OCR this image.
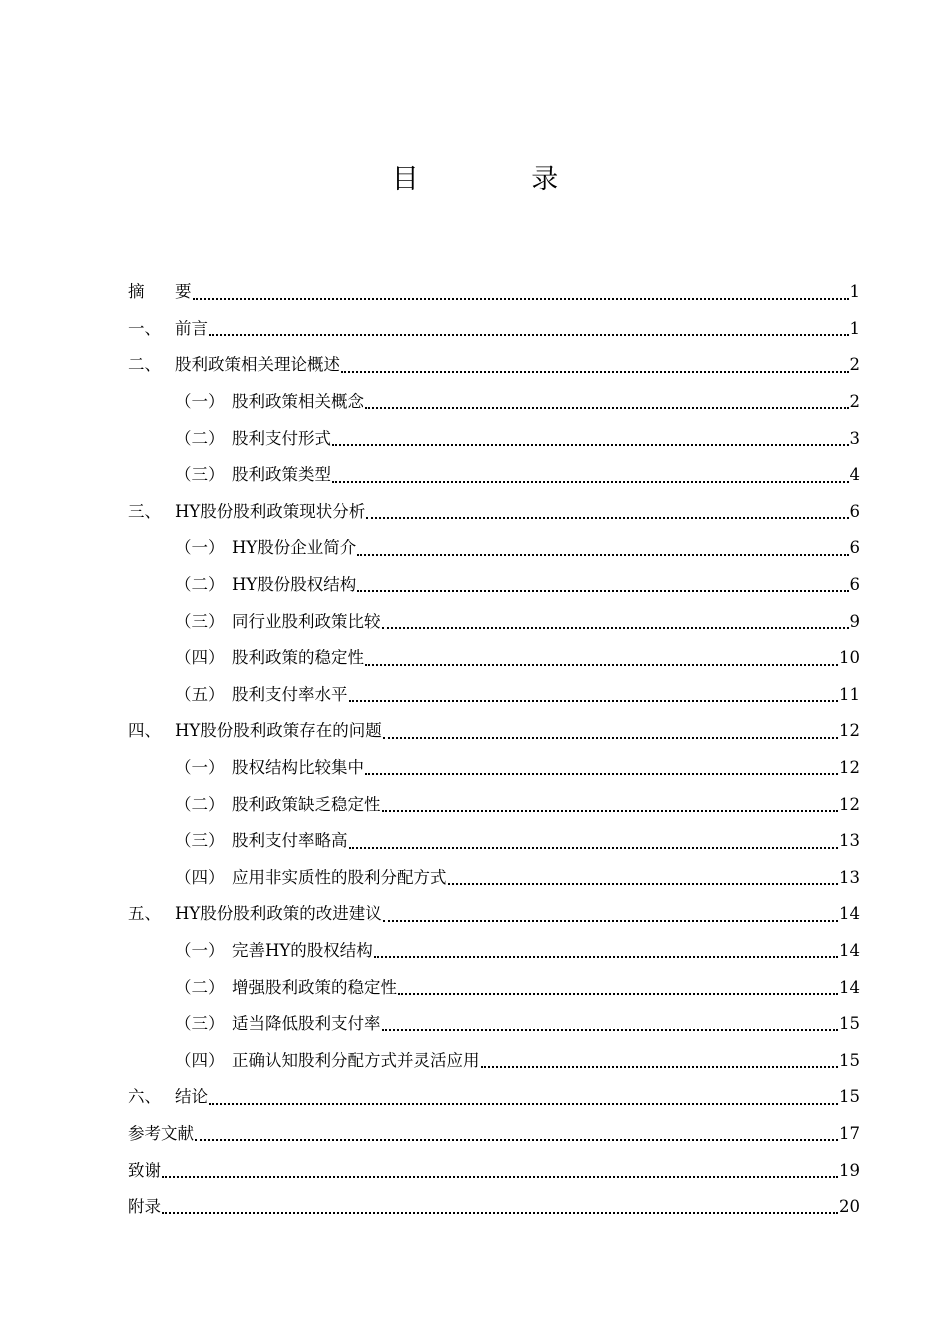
目 录
摘	要	1
一、 前言	1
二、 股利政策相关理论概述	2
（一） 股利政策相关概念	2
（二） 股利支付形式	3
（三） 股利政策类型	4
三、 HY股份股利政策现状分析	6
（一） HY股份企业简介	6
（二） HY股份股权结构	6
（三） 同行业股利政策比较	9
（四） 股利政策的稳定性	10
（五） 股利支付率水平	11
四、 HY股份股利政策存在的问题	12
（一） 股权结构比较集中	12
（二） 股利政策缺乏稳定性	12
（三） 股利支付率略高	13
（四） 应用非实质性的股利分配方式	13
五、 HY股份股利政策的改进建议	14
（一） 完善HY的股权结构	14
（二） 增强股利政策的稳定性	14
（三） 适当降低股利支付率	15
（四） 正确认知股利分配方式并灵活应用	15
六、 结论	15
参考文献	17
致谢	19
附录	20
